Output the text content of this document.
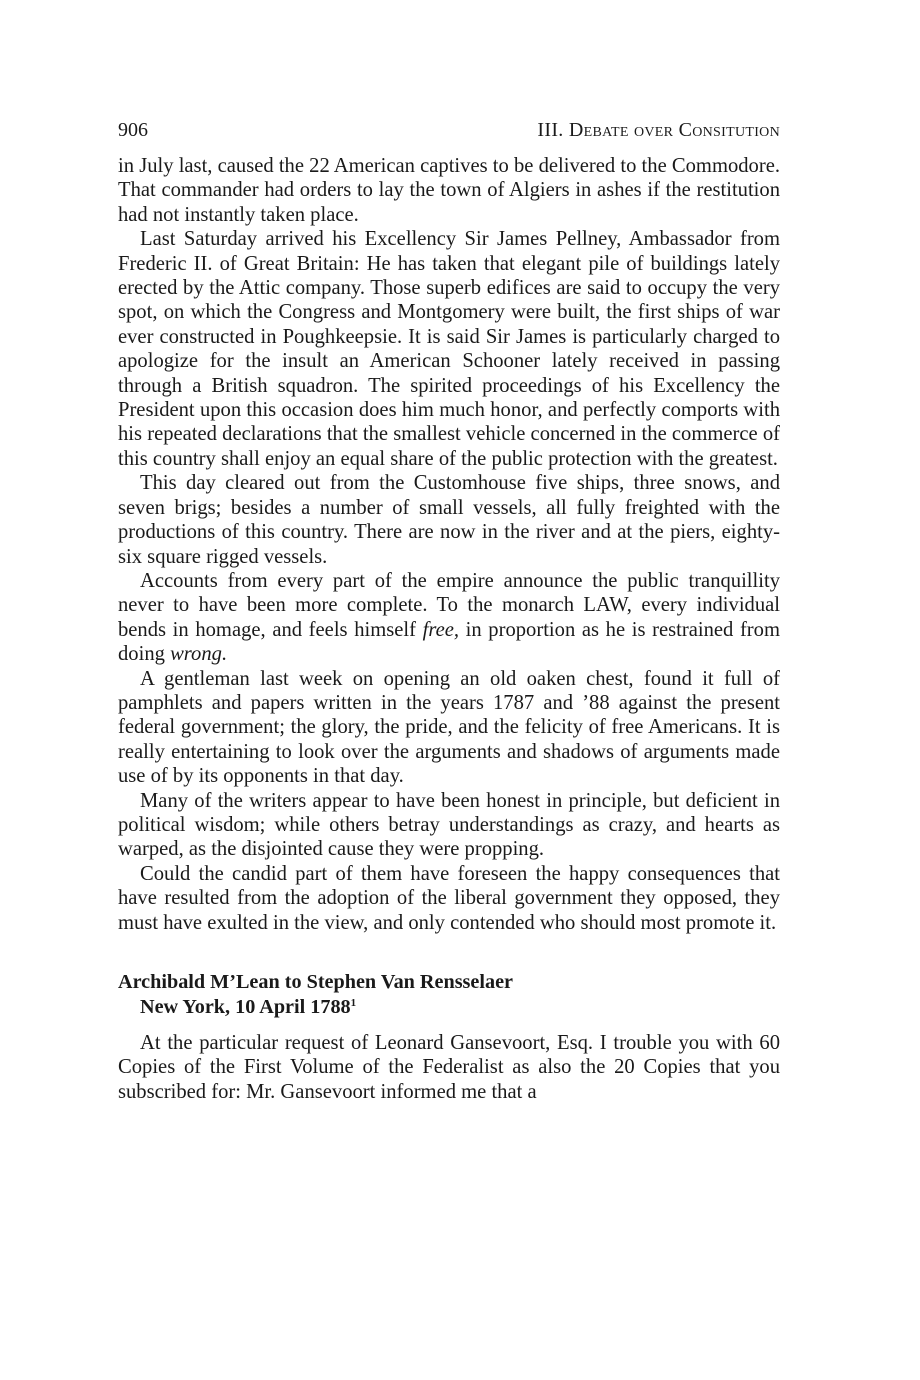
906	III. Debate over Consitution

in July last, caused the 22 American captives to be delivered to the Commodore. That commander had orders to lay the town of Algiers in ashes if the restitution had not instantly taken place.

Last Saturday arrived his Excellency Sir James Pellney, Ambassador from Frederic II. of Great Britain: He has taken that elegant pile of buildings lately erected by the Attic company. Those superb edifices are said to occupy the very spot, on which the Congress and Montgomery were built, the first ships of war ever constructed in Poughkeepsie. It is said Sir James is particularly charged to apologize for the insult an American Schooner lately received in passing through a British squadron. The spirited proceedings of his Excellency the President upon this occasion does him much honor, and perfectly comports with his repeated declarations that the smallest vehicle concerned in the commerce of this country shall enjoy an equal share of the public protection with the greatest.

This day cleared out from the Customhouse five ships, three snows, and seven brigs; besides a number of small vessels, all fully freighted with the productions of this country. There are now in the river and at the piers, eighty-six square rigged vessels.

Accounts from every part of the empire announce the public tranquillity never to have been more complete. To the monarch LAW, every individual bends in homage, and feels himself free, in proportion as he is restrained from doing wrong.

A gentleman last week on opening an old oaken chest, found it full of pamphlets and papers written in the years 1787 and ’88 against the present federal government; the glory, the pride, and the felicity of free Americans. It is really entertaining to look over the arguments and shadows of arguments made use of by its opponents in that day.

Many of the writers appear to have been honest in principle, but deficient in political wisdom; while others betray understandings as crazy, and hearts as warped, as the disjointed cause they were propping.

Could the candid part of them have foreseen the happy consequences that have resulted from the adoption of the liberal government they opposed, they must have exulted in the view, and only contended who should most promote it.

Archibald M’Lean to Stephen Van Rensselaer
New York, 10 April 1788$^1$

At the particular request of Leonard Gansevoort, Esq. I trouble you with 60 Copies of the First Volume of the Federalist as also the 20 Copies that you subscribed for: Mr. Gansevoort informed me that a
